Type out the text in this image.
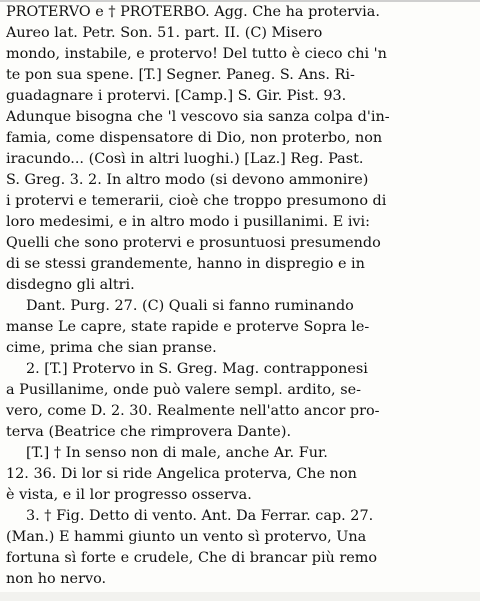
PROTERVO e † PROTERBO. Agg. Che ha protervia.
Aureo lat. Petr. Son. 51. part. II. (C) Misero
mondo, instabile, e protervo! Del tutto è cieco chi 'n
te pon sua spene. [T.] Segner. Paneg. S. Ans. Ri-
guadagnare i protervi. [Camp.] S. Gir. Pist. 93.
Adunque bisogna che 'l vescovo sia sanza colpa d'in-
famia, come dispensatore di Dio, non proterbo, non
iracundo... (Così in altri luoghi.) [Laz.] Reg. Past.
S. Greg. 3. 2. In altro modo (si devono ammonire)
i protervi e temerarii, cioè che troppo presumono di
loro medesimi, e in altro modo i pusillanimi. E ivi:
Quelli che sono protervi e prosuntuosi presumendo
di se stessi grandemente, hanno in dispregio e in
disdegno gli altri.
Dant. Purg. 27. (C) Quali si fanno ruminando
manse Le capre, state rapide e proterve Sopra le-
cime, prima che sian pranse.
2. [T.] Protervo in S. Greg. Mag. contrapponesi
a Pusillanime, onde può valere sempl. ardito, se-
vero, come D. 2. 30. Realmente nell'atto ancor pro-
terva (Beatrice che rimprovera Dante).
[T.] † In senso non di male, anche Ar. Fur.
12. 36. Di lor si ride Angelica proterva, Che non
è vista, e il lor progresso osserva.
3. † Fig. Detto di vento. Ant. Da Ferrar. cap. 27.
(Man.) E hammi giunto un vento sì protervo, Una
fortuna sì forte e crudele, Che di brancar più remo
non ho nervo.
